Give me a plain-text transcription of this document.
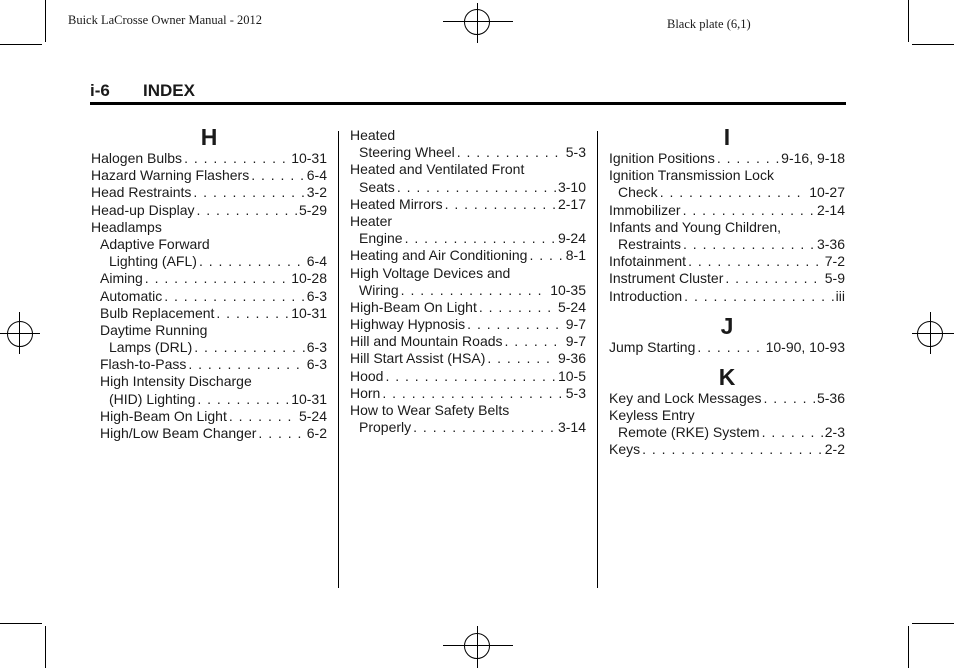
Buick LaCrosse Owner Manual - 2012	Black plate (6,1)
i-6 INDEX
H
Halogen Bulbs . . .	10-31
Hazard Warning Flashers . . .	6-4
Head Restraints . . .	3-2
Head-up Display . . .	5-29
Headlamps
Adaptive Forward
Lighting (AFL) . . .	6-4
Aiming . . .	10-28
Automatic . . .	6-3
Bulb Replacement . . .	10-31
Daytime Running
Lamps (DRL) . . .	6-3
Flash-to-Pass . . .	6-3
High Intensity Discharge
(HID) Lighting . . .	10-31
High-Beam On Light . . .	5-24
High/Low Beam Changer . . .	6-2
Heated
Steering Wheel . . .	5-3
Heated and Ventilated Front
Seats . . .	3-10
Heated Mirrors . . .	2-17
Heater
Engine . . .	9-24
Heating and Air Conditioning . . .	8-1
High Voltage Devices and
Wiring . . .	10-35
High-Beam On Light . . .	5-24
Highway Hypnosis . . .	9-7
Hill and Mountain Roads . . .	9-7
Hill Start Assist (HSA) . . .	9-36
Hood . . .	10-5
Horn . . .	5-3
How to Wear Safety Belts
Properly . . .	3-14
I
Ignition Positions . . .	9-16, 9-18
Ignition Transmission Lock
Check . . .	10-27
Immobilizer . . .	2-14
Infants and Young Children,
Restraints . . .	3-36
Infotainment . . .	7-2
Instrument Cluster . . .	5-9
Introduction . . .	iii
J
Jump Starting . . .	10-90, 10-93
K
Key and Lock Messages . . .	5-36
Keyless Entry
Remote (RKE) System . . .	2-3
Keys . . .	2-2
